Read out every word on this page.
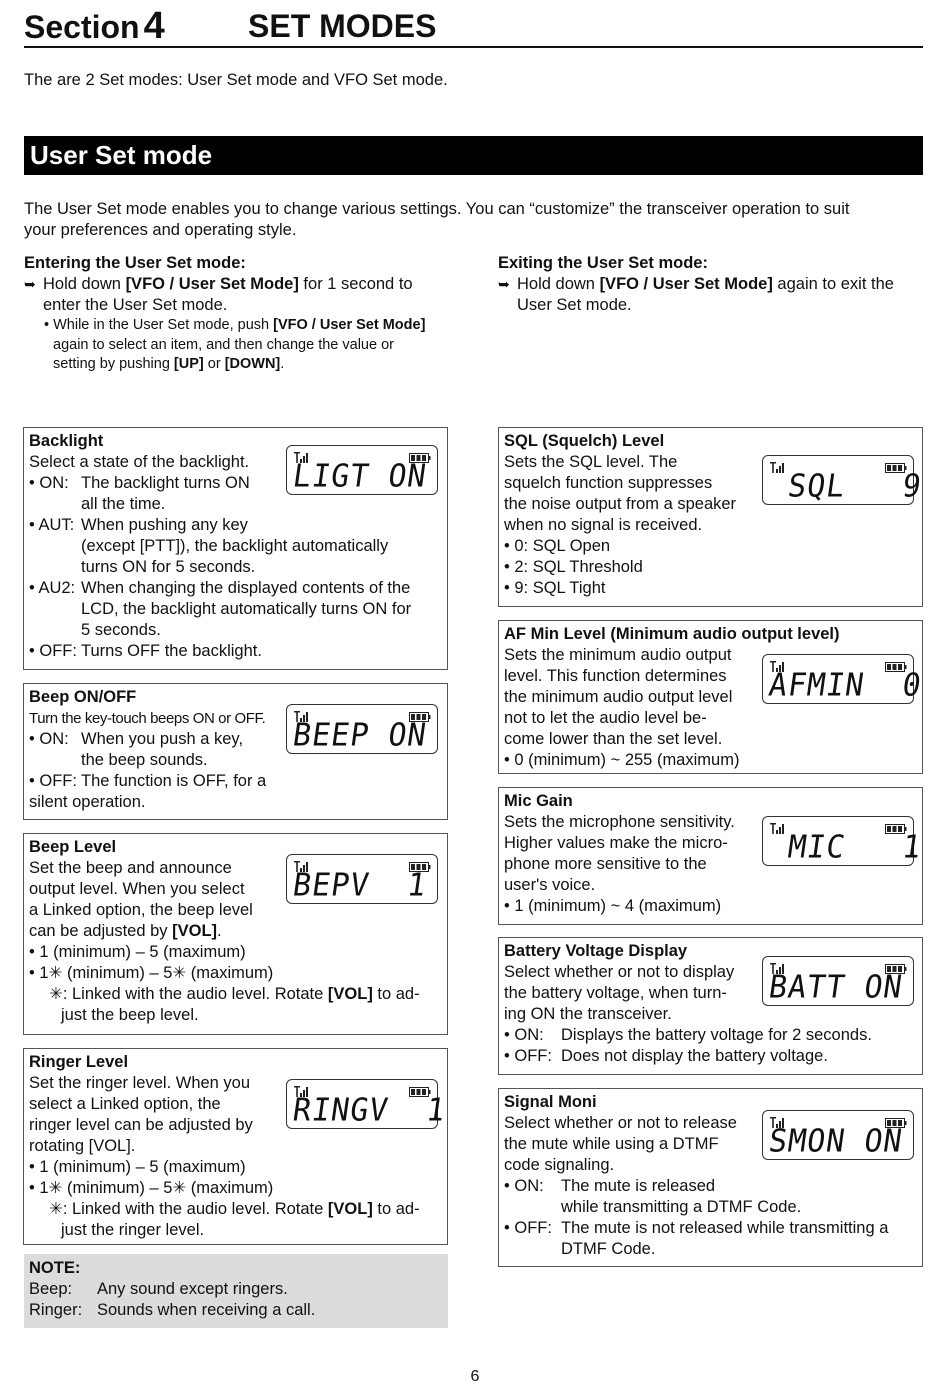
Section 4	SET MODES
The are 2 Set modes: User Set mode and VFO Set mode.
User Set mode
The User Set mode enables you to change various settings. You can “customize” the transceiver operation to suit
your preferences and operating style.
Entering the User Set mode:
➥ Hold down [VFO / User Set Mode] for 1 second to
enter the User Set mode.
• While in the User Set mode, push [VFO / User Set Mode]
again to select an item, and then change the value or
setting by pushing [UP] or [DOWN].
Exiting the User Set mode:
➥ Hold down [VFO / User Set Mode] again to exit the
User Set mode.
Backlight
Select a state of the backlight.
• ON: The backlight turns ON
all the time.
• AUT: When pushing any key
(except [PTT]), the backlight automatically
turns ON for 5 seconds.
• AU2: When changing the displayed contents of the
LCD, the backlight automatically turns ON for
5 seconds.
• OFF: Turns OFF the backlight.
LIGT ON
Beep ON/OFF
Turn the key-touch beeps ON or OFF.
• ON: When you push a key,
the beep sounds.
• OFF: The function is OFF, for a
silent operation.
BEEP ON
Beep Level
Set the beep and announce
output level. When you select
a Linked option, the beep level
can be adjusted by [VOL].
• 1 (minimum) – 5 (maximum)
• 1✳ (minimum) – 5✳ (maximum)
✳: Linked with the audio level. Rotate [VOL] to ad-
just the beep level.
BEPV  1
Ringer Level
Set the ringer level. When you
select a Linked option, the
ringer level can be adjusted by
rotating [VOL].
• 1 (minimum) – 5 (maximum)
• 1✳ (minimum) – 5✳ (maximum)
✳: Linked with the audio level. Rotate [VOL] to ad-
just the ringer level.
RINGV  1
NOTE:
Beep:	Any sound except ringers.
Ringer: Sounds when receiving a call.
SQL (Squelch) Level
Sets the SQL level. The
squelch function suppresses
the noise output from a speaker
when no signal is received.
• 0: SQL Open
• 2: SQL Threshold
• 9: SQL Tight
SQL   9
AF Min Level (Minimum audio output level)
Sets the minimum audio output
level. This function determines
the minimum audio output level
not to let the audio level be-
come lower than the set level.
• 0 (minimum) ~ 255 (maximum)
AFMIN  0
Mic Gain
Sets the microphone sensitivity.
Higher values make the micro-
phone more sensitive to the
user's voice.
• 1 (minimum) ~ 4 (maximum)
MIC   1
Battery Voltage Display
Select whether or not to display
the battery voltage, when turn-
ing ON the transceiver.
• ON:	Displays the battery voltage for 2 seconds.
• OFF: Does not display the battery voltage.
BATT ON
Signal Moni
Select whether or not to release
the mute while using a DTMF
code signaling.
• ON:	The mute is released
while transmitting a DTMF Code.
• OFF: The mute is not released while transmitting a
DTMF Code.
SMON ON
6
